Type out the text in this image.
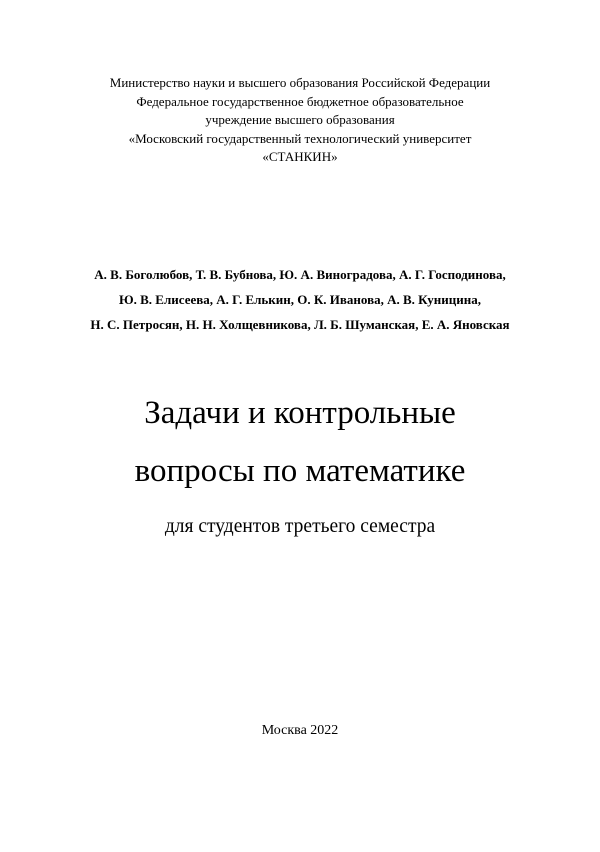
Министерство науки и высшего образования Российской Федерации
Федеральное государственное бюджетное образовательное
учреждение высшего образования
«Московский государственный технологический университет
«СТАНКИН»
А. В. Боголюбов, Т. В. Бубнова, Ю. А. Виноградова, А. Г. Господинова,
Ю. В. Елисеева, А. Г. Елькин, О. К. Иванова, А. В. Куницина,
Н. С. Петросян, Н. Н. Холщевникова, Л. Б. Шуманская, Е. А. Яновская
Задачи и контрольные
вопросы по математике
для студентов третьего семестра
Москва 2022
